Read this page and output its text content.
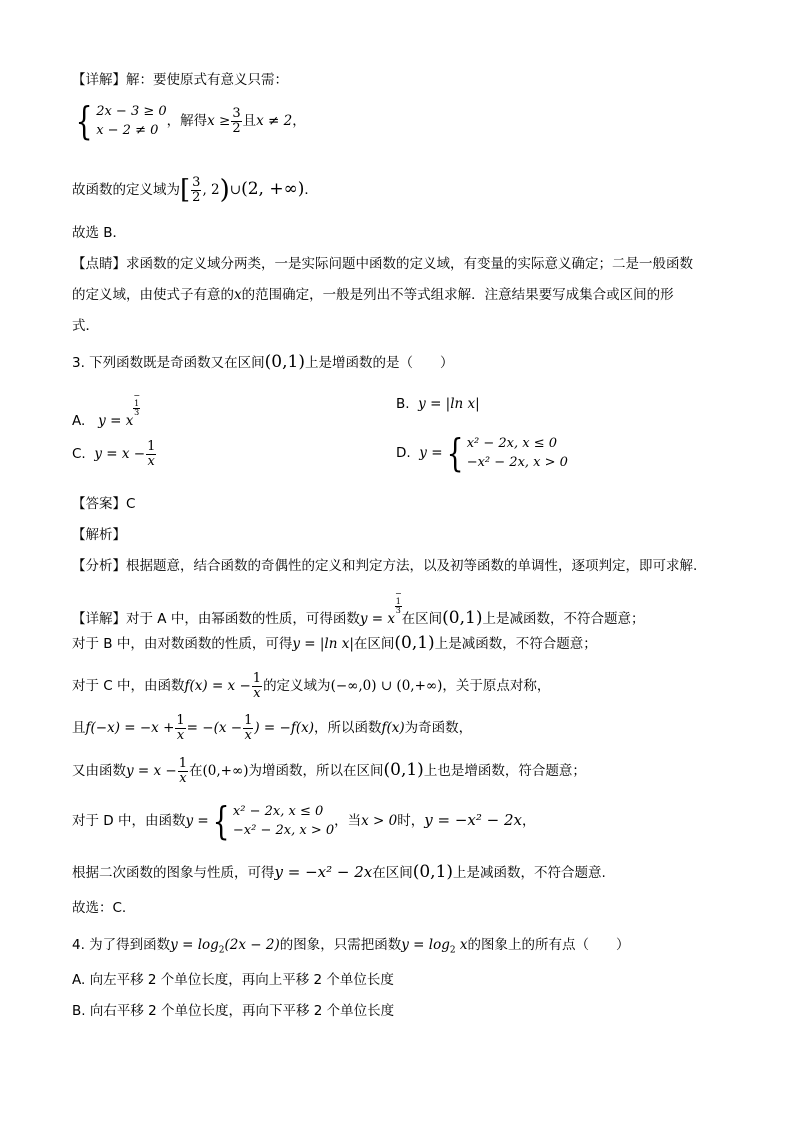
【详解】解：要使原式有意义只需：
{ 2x − 3 ≥ 0
x − 2 ≠ 0
，解得$x \ge \frac{3}{2}$ 且x ≠ 2，
故函数的定义域为[ $\frac{3}{2}$ , 2)∪(2, +∞)．
故选 B．
【点睛】求函数的定义域分两类，一是实际问题中函数的定义域，有变量的实际意义确定；二是一般函数
的定义域，由使式子有意的x的范围确定，一般是列出不等式组求解．注意结果要写成集合或区间的形
式．
3. 下列函数既是奇函数又在区间(0,1)上是增函数的是（　　）
A. y = x
−
1
3
B. y = |ln x|
C. $y = x - \frac{1}{x}$	D. y ={ x² − 2x, x ≤ 0
−x² − 2x, x > 0
【答案】C
【解析】
【分析】根据题意，结合函数的奇偶性的定义和判定方法，以及初等函数的单调性，逐项判定，即可求解.
【详解】对于 A 中，由幂函数的性质，可得函数y = x
−
1
3
在区间(0,1)上是减函数，不符合题意；
对于 B 中，由对数函数的性质，可得y = |ln x|在区间(0,1)上是减函数，不符合题意；
对于 C 中，由函数$f(x) = x - \frac{1}{x}$ 的定义域为(−∞,0) ∪ (0,+∞)，关于原点对称，
且$f(-x) = -x + \frac{1}{x} = -(x - \frac{1}{x}$ ) = −f(x)，所以函数f(x)为奇函数，
又由函数$y = x - \frac{1}{x}$ 在(0,+∞)为增函数，所以在区间(0,1)上也是增函数，符合题意；
对于 D 中，由函数y ={ x² − 2x, x ≤ 0
−x² − 2x, x > 0
，当x > 0时，y = −x² − 2x，
根据二次函数的图象与性质，可得y = −x² − 2x在区间(0,1)上是减函数，不符合题意.
故选：C.
4. 为了得到函数$y = \log_2(2x - 2)$的图象，只需把函数$y = \log_2 x$的图象上的所有点（　　）
A. 向左平移 2 个单位长度，再向上平移 2 个单位长度
B. 向右平移 2 个单位长度，再向下平移 2 个单位长度
